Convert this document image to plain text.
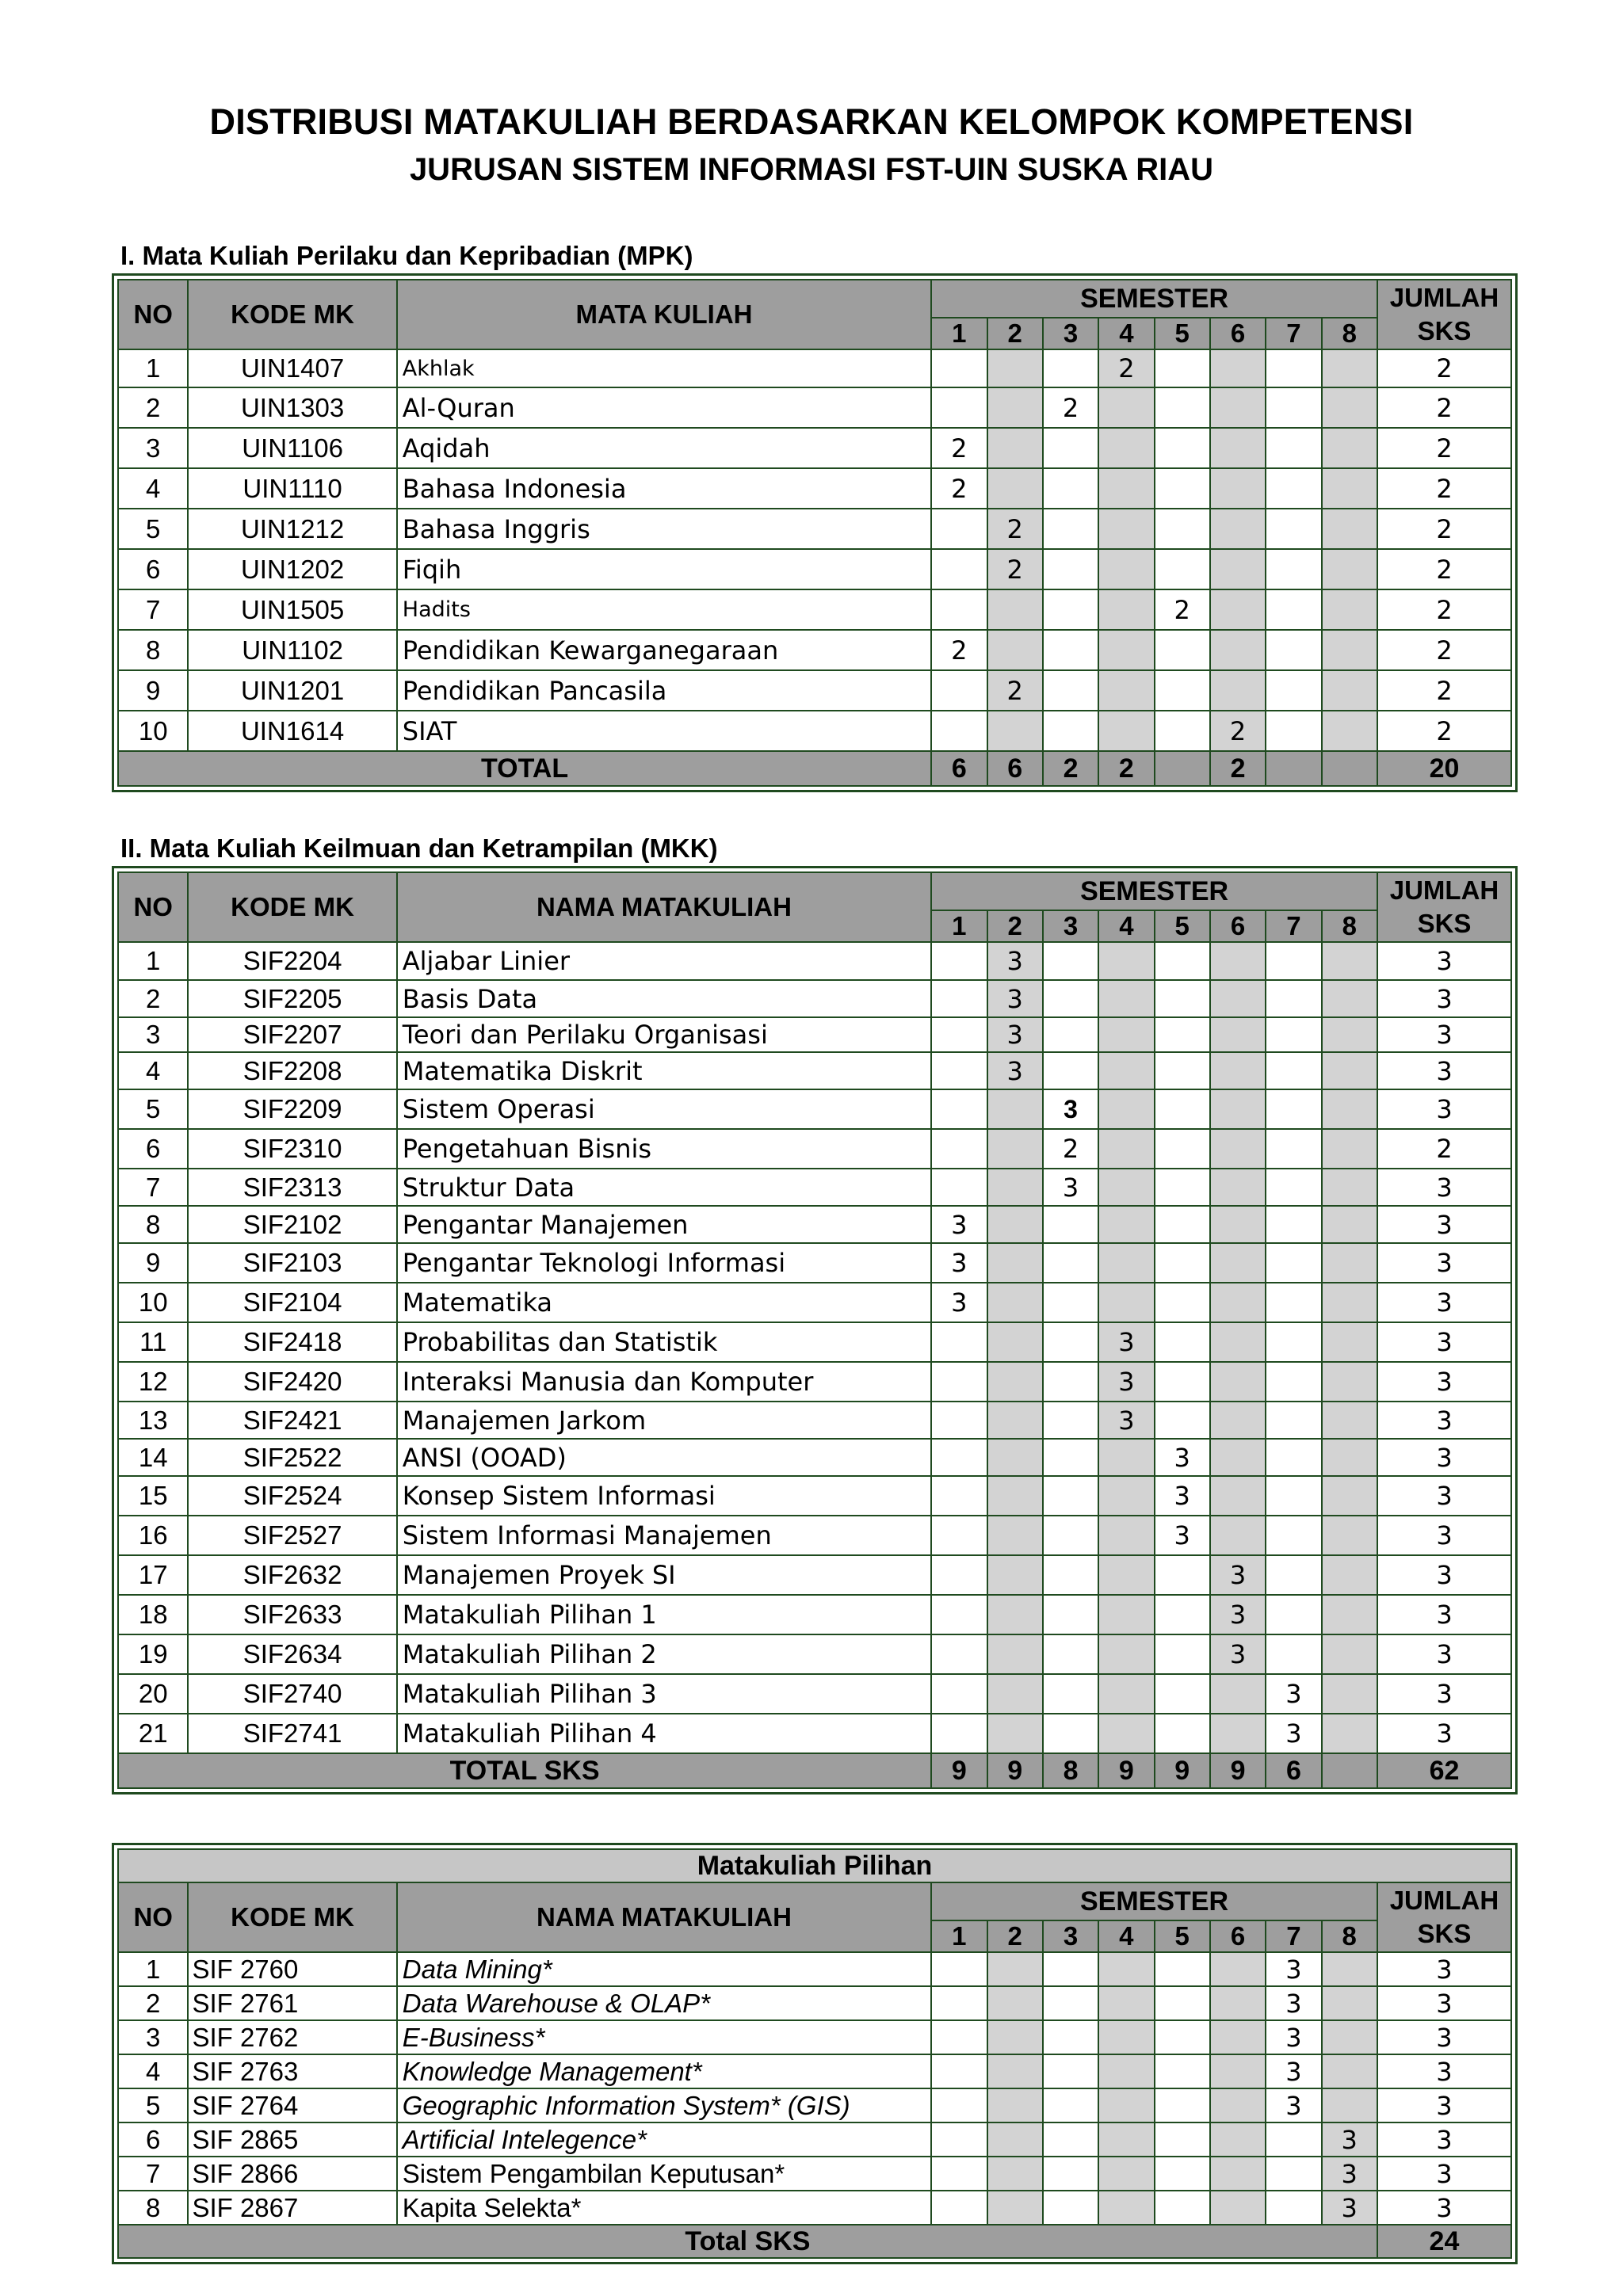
DISTRIBUSI MATAKULIAH BERDASARKAN KELOMPOK KOMPETENSI
JURUSAN SISTEM INFORMASI FST-UIN SUSKA RIAU
I. Mata Kuliah Perilaku dan Kepribadian (MPK)
NO	KODE MK	MATA KULIAH	SEMESTER								JUMLAH SKS
			1	2	3	4	5	6	7	8	
1	UIN1407	Akhlak				2					2
2	UIN1303	Al-Quran			2						2
3	UIN1106	Aqidah	2								2
4	UIN1110	Bahasa Indonesia	2								2
5	UIN1212	Bahasa Inggris		2							2
6	UIN1202	Fiqih		2							2
7	UIN1505	Hadits					2				2
8	UIN1102	Pendidikan Kewarganegaraan	2								2
9	UIN1201	Pendidikan Pancasila		2							2
10	UIN1614	SIAT						2			2
TOTAL			6	6	2	2		2			20
II. Mata Kuliah Keilmuan dan Ketrampilan (MKK)
NO	KODE MK	NAMA MATAKULIAH	SEMESTER								JUMLAH SKS
			1	2	3	4	5	6	7	8	
1	SIF2204	Aljabar Linier		3							3
2	SIF2205	Basis Data		3							3
3	SIF2207	Teori dan Perilaku Organisasi		3							3
4	SIF2208	Matematika Diskrit		3							3
5	SIF2209	Sistem Operasi			3						3
6	SIF2310	Pengetahuan Bisnis			2						2
7	SIF2313	Struktur Data			3						3
8	SIF2102	Pengantar Manajemen	3								3
9	SIF2103	Pengantar Teknologi Informasi	3								3
10	SIF2104	Matematika	3								3
11	SIF2418	Probabilitas dan Statistik				3					3
12	SIF2420	Interaksi Manusia dan Komputer				3					3
13	SIF2421	Manajemen Jarkom				3					3
14	SIF2522	ANSI (OOAD)					3				3
15	SIF2524	Konsep Sistem Informasi					3				3
16	SIF2527	Sistem Informasi Manajemen					3				3
17	SIF2632	Manajemen Proyek SI						3			3
18	SIF2633	Matakuliah Pilihan 1						3			3
19	SIF2634	Matakuliah Pilihan 2						3			3
20	SIF2740	Matakuliah Pilihan 3							3		3
21	SIF2741	Matakuliah Pilihan 4							3		3
TOTAL SKS			9	9	8	9	9	9	6		62
Matakuliah Pilihan											
NO	KODE MK	NAMA MATAKULIAH	SEMESTER								JUMLAH SKS
			1	2	3	4	5	6	7	8	
1	SIF 2760	Data Mining*							3		3
2	SIF 2761	Data Warehouse & OLAP*							3		3
3	SIF 2762	E-Business*							3		3
4	SIF 2763	Knowledge Management*							3		3
5	SIF 2764	Geographic Information System* (GIS)							3		3
6	SIF 2865	Artificial Intelegence*								3	3
7	SIF 2866	Sistem Pengambilan Keputusan*								3	3
8	SIF 2867	Kapita Selekta*								3	3
Total SKS											24
